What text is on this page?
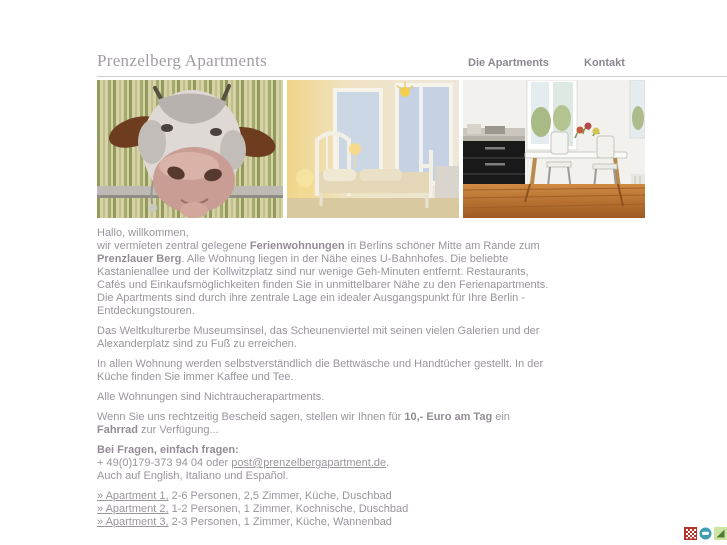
Prenzelberg Apartments	Die Apartments	Kontakt

Hallo, willkommen,
wir vermieten zentral gelegene Ferienwohnungen in Berlins schöner Mitte am Rande zum Prenzlauer Berg. Alle Wohnung liegen in der Nähe eines U-Bahnhofes. Die beliebte Kastanienallee und der Kollwitzplatz sind nur wenige Geh-Minuten entfernt. Restaurants, Cafés und Einkaufsmöglichkeiten finden Sie in unmittelbarer Nähe zu den Ferienapartments. Die Apartments sind durch ihre zentrale Lage ein idealer Ausgangspunkt für Ihre Berlin - Entdeckungstouren.

Das Weltkulturerbe Museumsinsel, das Scheunenviertel mit seinen vielen Galerien und der Alexanderplatz sind zu Fuß zu erreichen.

In allen Wohnung werden selbstverständlich die Bettwäsche und Handtücher gestellt. In der Küche finden Sie immer Kaffee und Tee.

Alle Wohnungen sind Nichtraucherapartments.

Wenn Sie uns rechtzeitig Bescheid sagen, stellen wir Ihnen für 10,- Euro am Tag ein Fahrrad zur Verfügung...

Bei Fragen, einfach fragen:
+ 49(0)179-373 94 04 oder post@prenzelbergapartment.de.
Auch auf English, Italiano und Español.

» Apartment 1, 2-6 Personen, 2,5 Zimmer, Küche, Duschbad
» Apartment 2, 1-2 Personen, 1 Zimmer, Kochnische, Duschbad
» Apartment 3, 2-3 Personen, 1 Zimmer, Küche, Wannenbad
